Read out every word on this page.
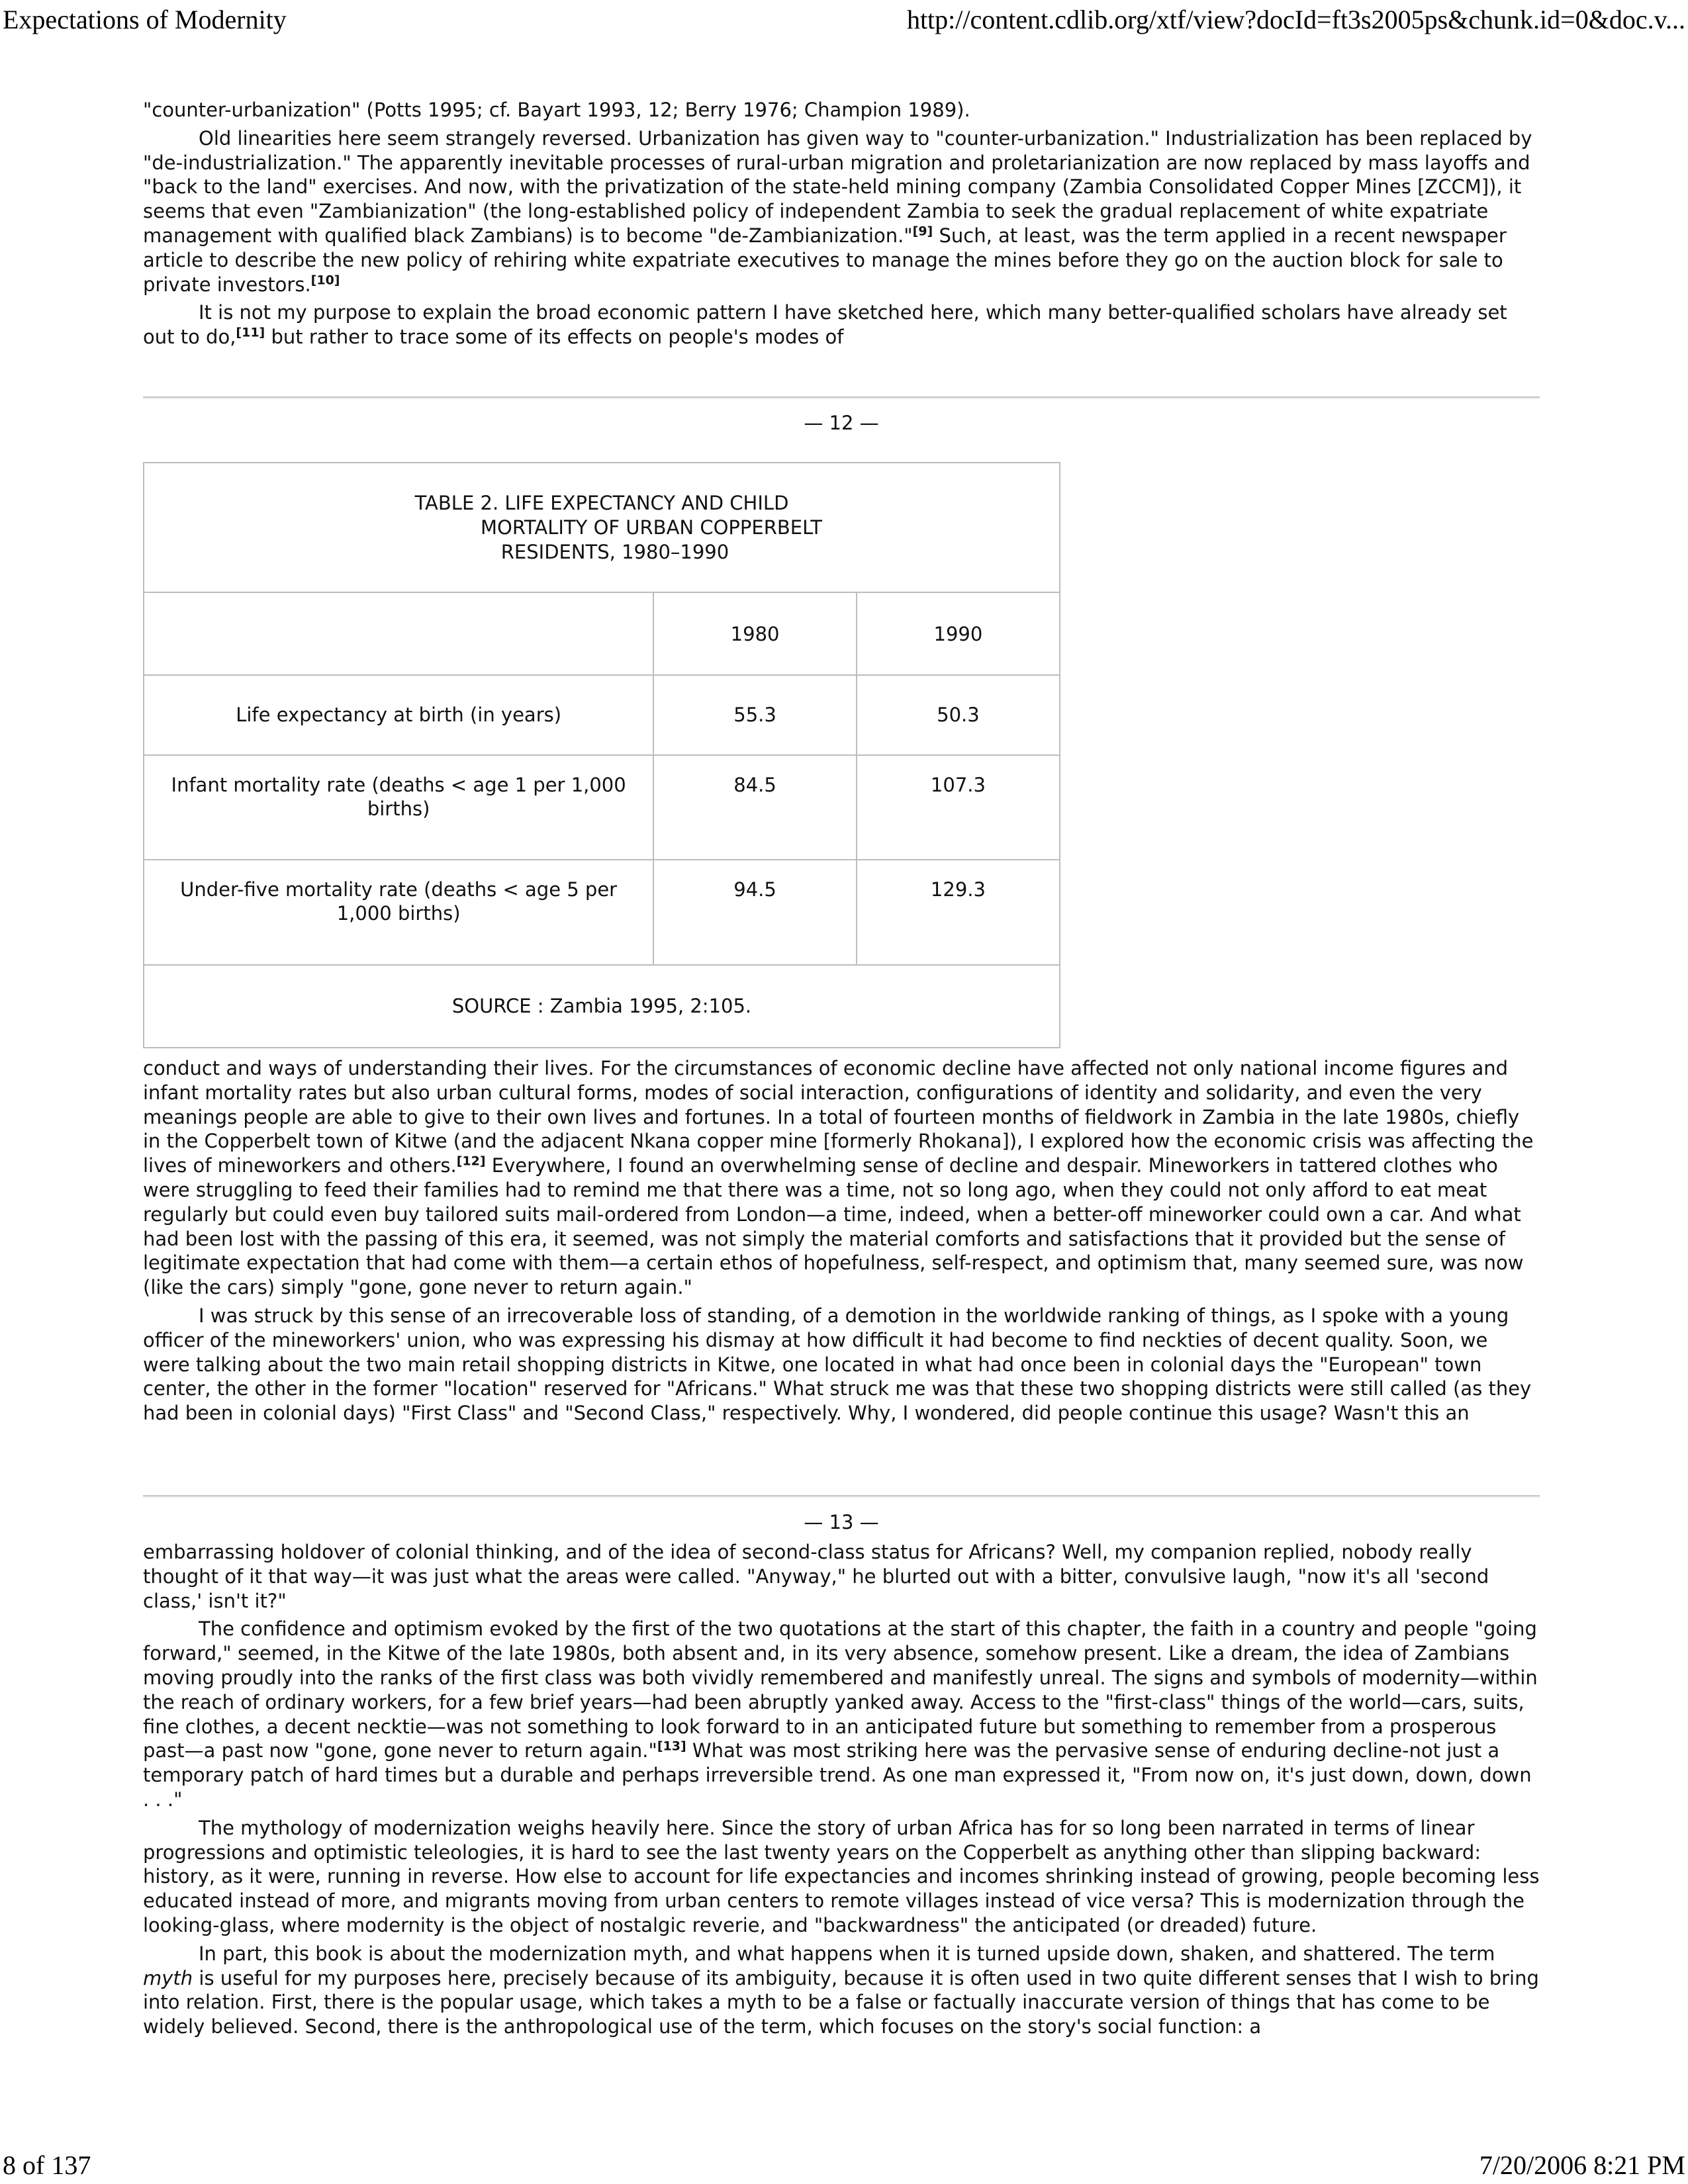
Expectations of Modernity	http://content.cdlib.org/xtf/view?docId=ft3s2005ps&chunk.id=0&doc.v...

"counter-urbanization" (Potts 1995; cf. Bayart 1993, 12; Berry 1976; Champion 1989).

Old linearities here seem strangely reversed. Urbanization has given way to "counter-urbanization." Industrialization has been replaced by "de-industrialization." The apparently inevitable processes of rural-urban migration and proletarianization are now replaced by mass layoffs and "back to the land" exercises. And now, with the privatization of the state-held mining company (Zambia Consolidated Copper Mines [ZCCM]), it seems that even "Zambianization" (the long-established policy of independent Zambia to seek the gradual replacement of white expatriate management with qualified black Zambians) is to become "de-Zambianization."[9] Such, at least, was the term applied in a recent newspaper article to describe the new policy of rehiring white expatriate executives to manage the mines before they go on the auction block for sale to private investors.[10]

It is not my purpose to explain the broad economic pattern I have sketched here, which many better-qualified scholars have already set out to do,[11] but rather to trace some of its effects on people's modes of

— 12 —
TABLE 2. LIFE EXPECTANCY AND CHILD
MORTALITY OF URBAN COPPERBELT
RESIDENTS, 1980–1990		

	1980	1990
Life expectancy at birth (in years)	55.3	50.3
Infant mortality rate (deaths < age 1 per 1,000 births)	84.5	107.3
Under-five mortality rate (deaths < age 5 per 1,000 births)	94.5	129.3
SOURCE : Zambia 1995, 2:105.		

conduct and ways of understanding their lives. For the circumstances of economic decline have affected not only national income figures and infant mortality rates but also urban cultural forms, modes of social interaction, configurations of identity and solidarity, and even the very meanings people are able to give to their own lives and fortunes. In a total of fourteen months of fieldwork in Zambia in the late 1980s, chiefly in the Copperbelt town of Kitwe (and the adjacent Nkana copper mine [formerly Rhokana]), I explored how the economic crisis was affecting the lives of mineworkers and others.[12] Everywhere, I found an overwhelming sense of decline and despair. Mineworkers in tattered clothes who were struggling to feed their families had to remind me that there was a time, not so long ago, when they could not only afford to eat meat regularly but could even buy tailored suits mail-ordered from London—a time, indeed, when a better-off mineworker could own a car. And what had been lost with the passing of this era, it seemed, was not simply the material comforts and satisfactions that it provided but the sense of legitimate expectation that had come with them—a certain ethos of hopefulness, self-respect, and optimism that, many seemed sure, was now (like the cars) simply "gone, gone never to return again."

I was struck by this sense of an irrecoverable loss of standing, of a demotion in the worldwide ranking of things, as I spoke with a young officer of the mineworkers' union, who was expressing his dismay at how difficult it had become to find neckties of decent quality. Soon, we were talking about the two main retail shopping districts in Kitwe, one located in what had once been in colonial days the "European" town center, the other in the former "location" reserved for "Africans." What struck me was that these two shopping districts were still called (as they had been in colonial days) "First Class" and "Second Class," respectively. Why, I wondered, did people continue this usage? Wasn't this an

— 13 —

embarrassing holdover of colonial thinking, and of the idea of second-class status for Africans? Well, my companion replied, nobody really thought of it that way—it was just what the areas were called. "Anyway," he blurted out with a bitter, convulsive laugh, "now it's all 'second class,' isn't it?"

The confidence and optimism evoked by the first of the two quotations at the start of this chapter, the faith in a country and people "going forward," seemed, in the Kitwe of the late 1980s, both absent and, in its very absence, somehow present. Like a dream, the idea of Zambians moving proudly into the ranks of the first class was both vividly remembered and manifestly unreal. The signs and symbols of modernity—within the reach of ordinary workers, for a few brief years—had been abruptly yanked away. Access to the "first-class" things of the world—cars, suits, fine clothes, a decent necktie—was not something to look forward to in an anticipated future but something to remember from a prosperous past—a past now "gone, gone never to return again."[13] What was most striking here was the pervasive sense of enduring decline-not just a temporary patch of hard times but a durable and perhaps irreversible trend. As one man expressed it, "From now on, it's just down, down, down . . ."

The mythology of modernization weighs heavily here. Since the story of urban Africa has for so long been narrated in terms of linear progressions and optimistic teleologies, it is hard to see the last twenty years on the Copperbelt as anything other than slipping backward: history, as it were, running in reverse. How else to account for life expectancies and incomes shrinking instead of growing, people becoming less educated instead of more, and migrants moving from urban centers to remote villages instead of vice versa? This is modernization through the looking-glass, where modernity is the object of nostalgic reverie, and "backwardness" the anticipated (or dreaded) future.

In part, this book is about the modernization myth, and what happens when it is turned upside down, shaken, and shattered. The term myth is useful for my purposes here, precisely because of its ambiguity, because it is often used in two quite different senses that I wish to bring into relation. First, there is the popular usage, which takes a myth to be a false or factually inaccurate version of things that has come to be widely believed. Second, there is the anthropological use of the term, which focuses on the story's social function: a

8 of 137	7/20/2006 8:21 PM
